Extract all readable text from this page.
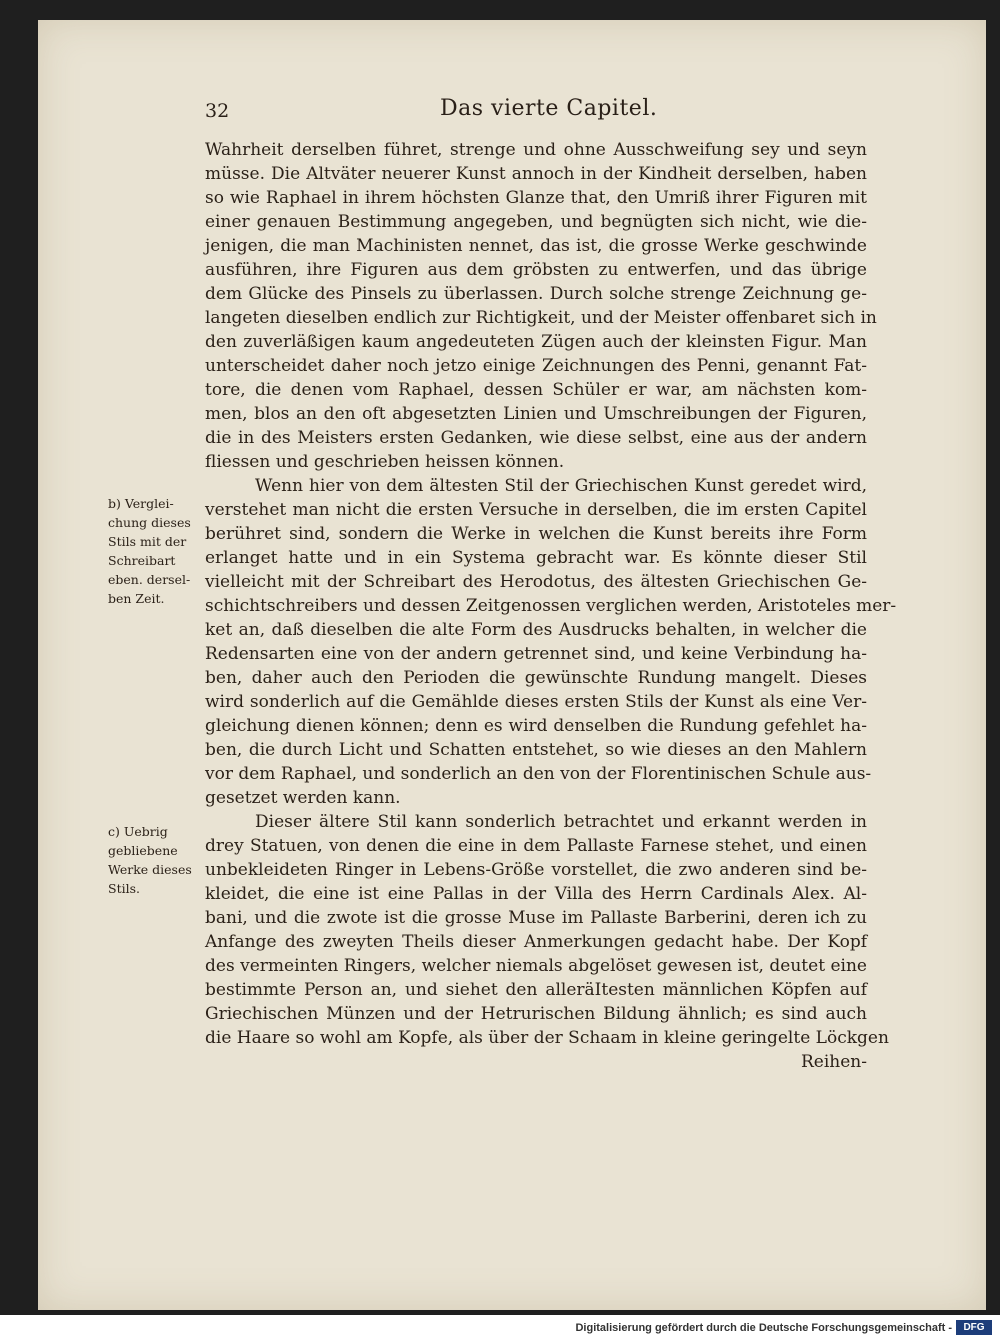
32	Das vierte Capitel.
Wahrheit derselben führet, strenge und ohne Ausschweifung sey und seyn
müsse. Die Altväter neuerer Kunst annoch in der Kindheit derselben, haben
so wie Raphael in ihrem höchsten Glanze that, den Umriß ihrer Figuren mit
einer genauen Bestimmung angegeben, und begnügten sich nicht, wie die-
jenigen, die man Machinisten nennet, das ist, die grosse Werke geschwinde
ausführen, ihre Figuren aus dem gröbsten zu entwerfen, und das übrige
dem Glücke des Pinsels zu überlassen. Durch solche strenge Zeichnung ge-
langeten dieselben endlich zur Richtigkeit, und der Meister offenbaret sich in
den zuverläßigen kaum angedeuteten Zügen auch der kleinsten Figur. Man
unterscheidet daher noch jetzo einige Zeichnungen des Penni, genannt Fat-
tore, die denen vom Raphael, dessen Schüler er war, am nächsten kom-
men, blos an den oft abgesetzten Linien und Umschreibungen der Figuren,
die in des Meisters ersten Gedanken, wie diese selbst, eine aus der andern
fliessen und geschrieben heissen können.
Wenn hier von dem ältesten Stil der Griechischen Kunst geredet wird,
verstehet man nicht die ersten Versuche in derselben, die im ersten Capitel
berühret sind, sondern die Werke in welchen die Kunst bereits ihre Form
erlanget hatte und in ein Systema gebracht war. Es könnte dieser Stil
vielleicht mit der Schreibart des Herodotus, des ältesten Griechischen Ge-
schichtschreibers und dessen Zeitgenossen verglichen werden, Aristoteles mer-
ket an, daß dieselben die alte Form des Ausdrucks behalten, in welcher die
Redensarten eine von der andern getrennet sind, und keine Verbindung ha-
ben, daher auch den Perioden die gewünschte Rundung mangelt. Dieses
wird sonderlich auf die Gemählde dieses ersten Stils der Kunst als eine Ver-
gleichung dienen können; denn es wird denselben die Rundung gefehlet ha-
ben, die durch Licht und Schatten entstehet, so wie dieses an den Mahlern
vor dem Raphael, und sonderlich an den von der Florentinischen Schule aus-
gesetzet werden kann.
Dieser ältere Stil kann sonderlich betrachtet und erkannt werden in
drey Statuen, von denen die eine in dem Pallaste Farnese stehet, und einen
unbekleideten Ringer in Lebens-Größe vorstellet, die zwo anderen sind be-
kleidet, die eine ist eine Pallas in der Villa des Herrn Cardinals Alex. Al-
bani, und die zwote ist die grosse Muse im Pallaste Barberini, deren ich zu
Anfange des zweyten Theils dieser Anmerkungen gedacht habe. Der Kopf
des vermeinten Ringers, welcher niemals abgelöset gewesen ist, deutet eine
bestimmte Person an, und siehet den alleräItesten männlichen Köpfen auf
Griechischen Münzen und der Hetrurischen Bildung ähnlich; es sind auch
die Haare so wohl am Kopfe, als über der Schaam in kleine geringelte Löckgen
Reihen-
b) Verglei-
chung dieses
Stils mit der
Schreibart
eben. dersel-
ben Zeit.
c) Uebrig
gebliebene
Werke dieses
Stils.
Digitalisierung gefördert durch die Deutsche Forschungsgemeinschaft -	DFG
